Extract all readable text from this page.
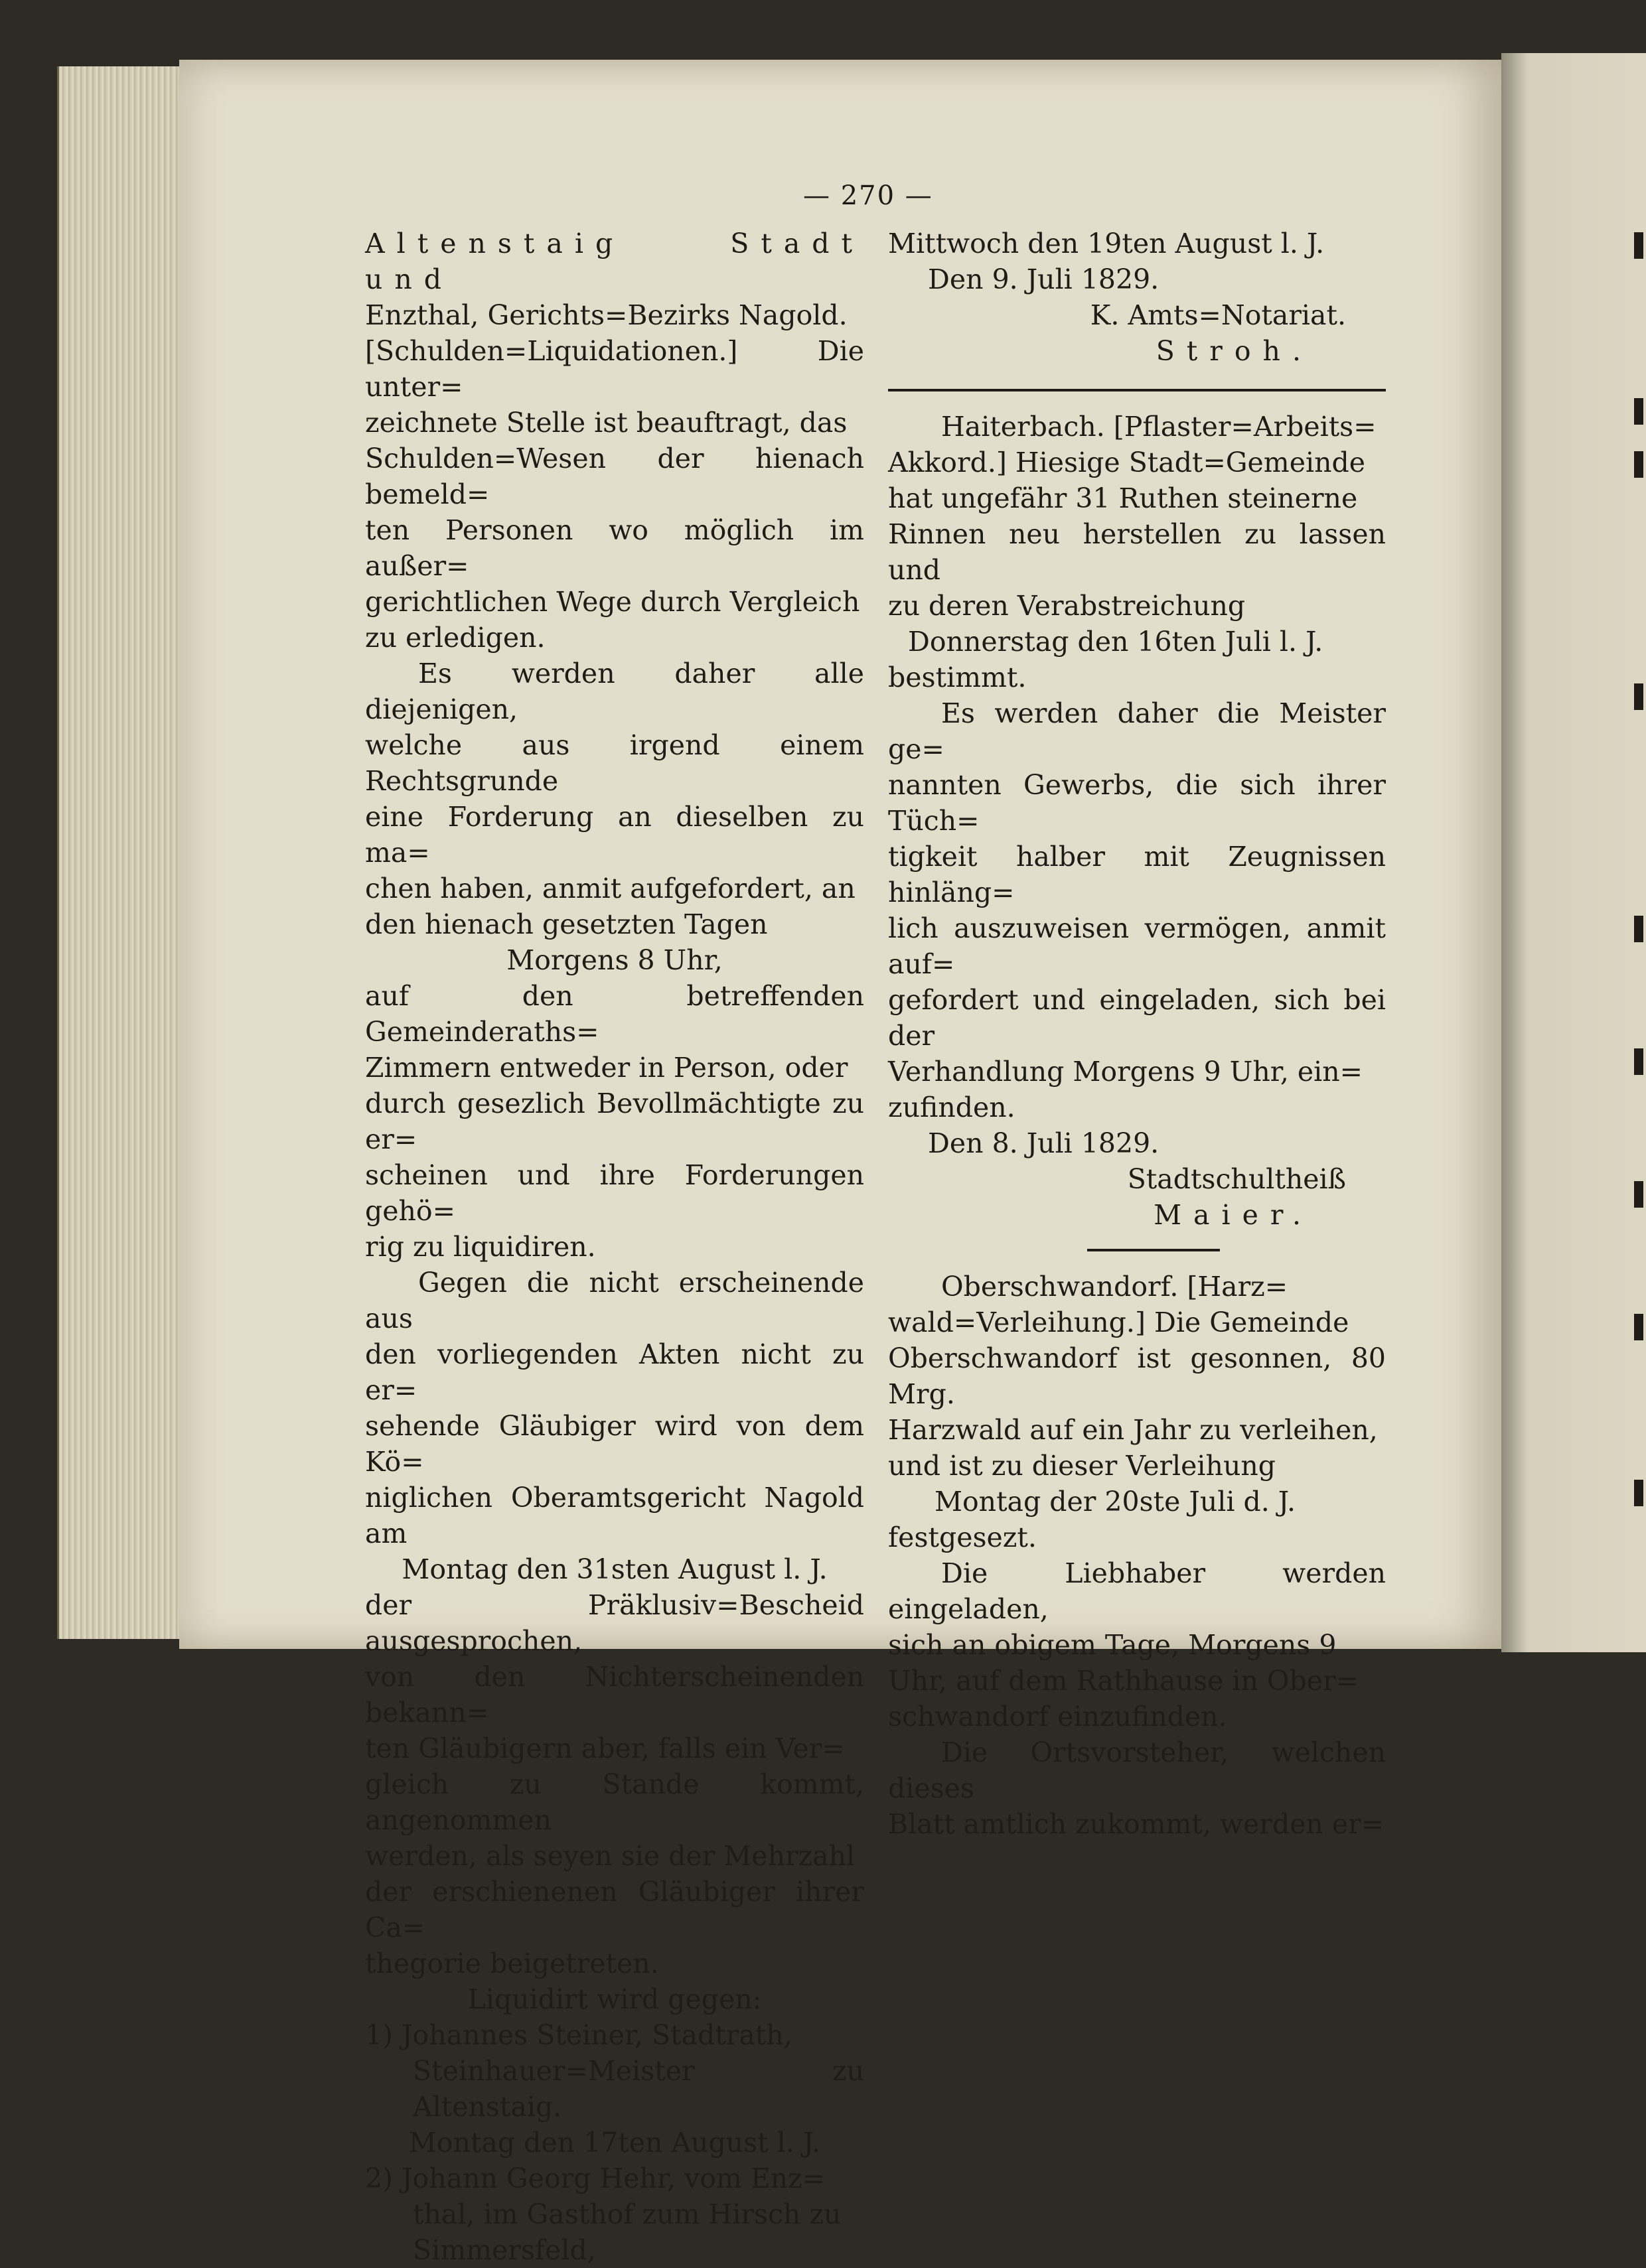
— 270 —

Altenstaig Stadt und

Enzthal, Gerichts=Bezirks Nagold.

[Schulden=Liquidationen.] Die unter=

zeichnete Stelle ist beauftragt, das

Schulden=Wesen der hienach bemeld=

ten Personen wo möglich im außer=

gerichtlichen Wege durch Vergleich

zu erledigen.

Es werden daher alle diejenigen,

welche aus irgend einem Rechtsgrunde

eine Forderung an dieselben zu ma=

chen haben, anmit aufgefordert, an

den hienach gesetzten Tagen

Morgens 8 Uhr,

auf den betreffenden Gemeinderaths=

Zimmern entweder in Person, oder

durch gesezlich Bevollmächtigte zu er=

scheinen und ihre Forderungen gehö=

rig zu liquidiren.

Gegen die nicht erscheinende aus

den vorliegenden Akten nicht zu er=

sehende Gläubiger wird von dem Kö=

niglichen Oberamtsgericht Nagold am

Montag den 31sten August l. J.

der Präklusiv=Bescheid ausgesprochen,

von den Nichterscheinenden bekann=

ten Gläubigern aber, falls ein Ver=

gleich zu Stande kommt, angenommen

werden, als seyen sie der Mehrzahl

der erschienenen Gläubiger ihrer Ca=

thegorie beigetreten.

Liquidirt wird gegen:

1) Johannes Steiner, Stadtrath,

Steinhauer=Meister zu Altenstaig.

Montag den 17ten August l. J.

2) Johann Georg Hehr, vom Enz=

thal, im Gasthof zum Hirsch zu

Simmersfeld,

Mittwoch den 19ten August l. J.

Den 9. Juli 1829.

K. Amts=Notariat.

Stroh.

Haiterbach. [Pflaster=Arbeits=

Akkord.] Hiesige Stadt=Gemeinde

hat ungefähr 31 Ruthen steinerne

Rinnen neu herstellen zu lassen und

zu deren Verabstreichung

Donnerstag den 16ten Juli l. J.

bestimmt.

Es werden daher die Meister ge=

nannten Gewerbs, die sich ihrer Tüch=

tigkeit halber mit Zeugnissen hinläng=

lich auszuweisen vermögen, anmit auf=

gefordert und eingeladen, sich bei der

Verhandlung Morgens 9 Uhr, ein=

zufinden.

Den 8. Juli 1829.

Stadtschultheiß

Maier.

Oberschwandorf. [Harz=

wald=Verleihung.] Die Gemeinde

Oberschwandorf ist gesonnen, 80 Mrg.

Harzwald auf ein Jahr zu verleihen,

und ist zu dieser Verleihung

Montag der 20ste Juli d. J.

festgesezt.

Die Liebhaber werden eingeladen,

sich an obigem Tage, Morgens 9

Uhr, auf dem Rathhause in Ober=

schwandorf einzufinden.

Die Ortsvorsteher, welchen dieses

Blatt amtlich zukommt, werden er=
